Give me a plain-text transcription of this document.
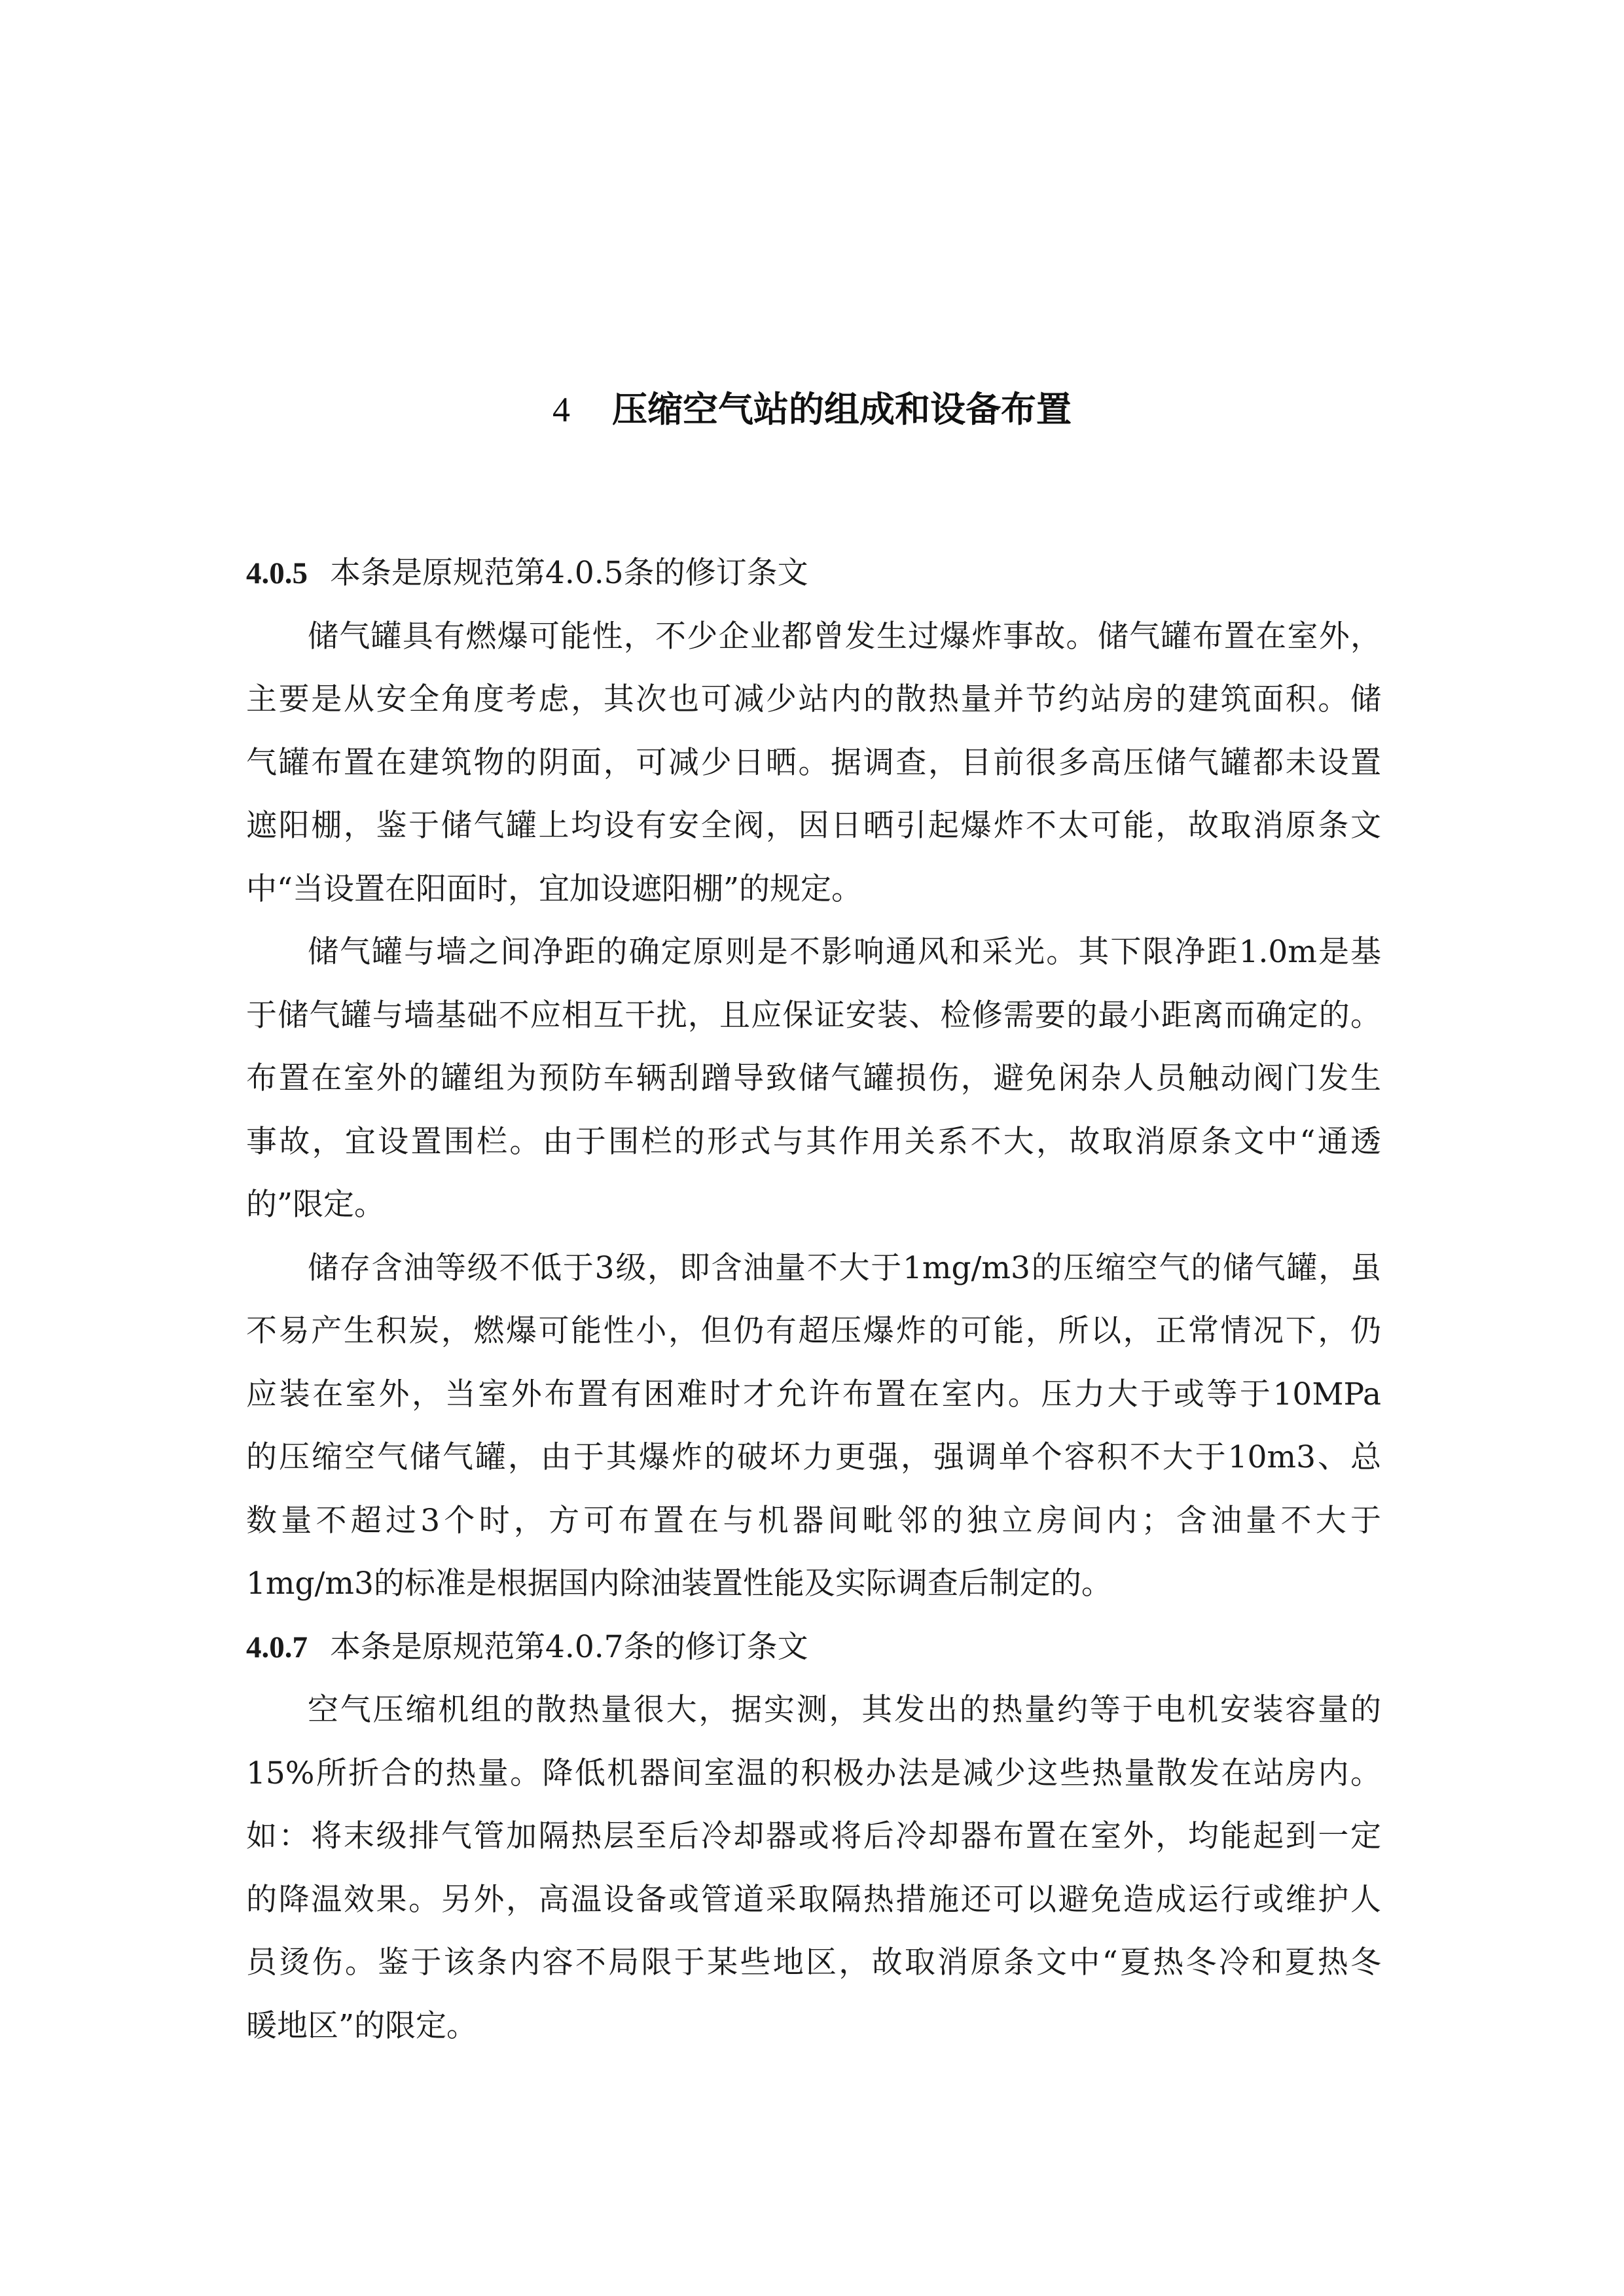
4 压缩空气站的组成和设备布置

4.0.5 本条是原规范第4.0.5条的修订条文

储气罐具有燃爆可能性，不少企业都曾发生过爆炸事故。储气罐布置在室外，
主要是从安全角度考虑，其次也可减少站内的散热量并节约站房的建筑面积。储
气罐布置在建筑物的阴面，可减少日晒。据调查，目前很多高压储气罐都未设置
遮阳棚，鉴于储气罐上均设有安全阀，因日晒引起爆炸不太可能，故取消原条文
中“当设置在阳面时，宜加设遮阳棚”的规定。
储气罐与墙之间净距的确定原则是不影响通风和采光。其下限净距1.0m是基
于储气罐与墙基础不应相互干扰，且应保证安装、检修需要的最小距离而确定的。
布置在室外的罐组为预防车辆刮蹭导致储气罐损伤，避免闲杂人员触动阀门发生
事故，宜设置围栏。由于围栏的形式与其作用关系不大，故取消原条文中“通透
的”限定。
储存含油等级不低于3级，即含油量不大于1mg/m3的压缩空气的储气罐，虽
不易产生积炭，燃爆可能性小，但仍有超压爆炸的可能，所以，正常情况下，仍
应装在室外，当室外布置有困难时才允许布置在室内。压力大于或等于10MPa
的压缩空气储气罐，由于其爆炸的破坏力更强，强调单个容积不大于10m3、总
数量不超过3个时，方可布置在与机器间毗邻的独立房间内；含油量不大于
1mg/m3的标准是根据国内除油装置性能及实际调查后制定的。

4.0.7 本条是原规范第4.0.7条的修订条文

空气压缩机组的散热量很大，据实测，其发出的热量约等于电机安装容量的
15%所折合的热量。降低机器间室温的积极办法是减少这些热量散发在站房内。
如：将末级排气管加隔热层至后冷却器或将后冷却器布置在室外，均能起到一定
的降温效果。另外，高温设备或管道采取隔热措施还可以避免造成运行或维护人
员烫伤。鉴于该条内容不局限于某些地区，故取消原条文中“夏热冬冷和夏热冬
暖地区”的限定。
